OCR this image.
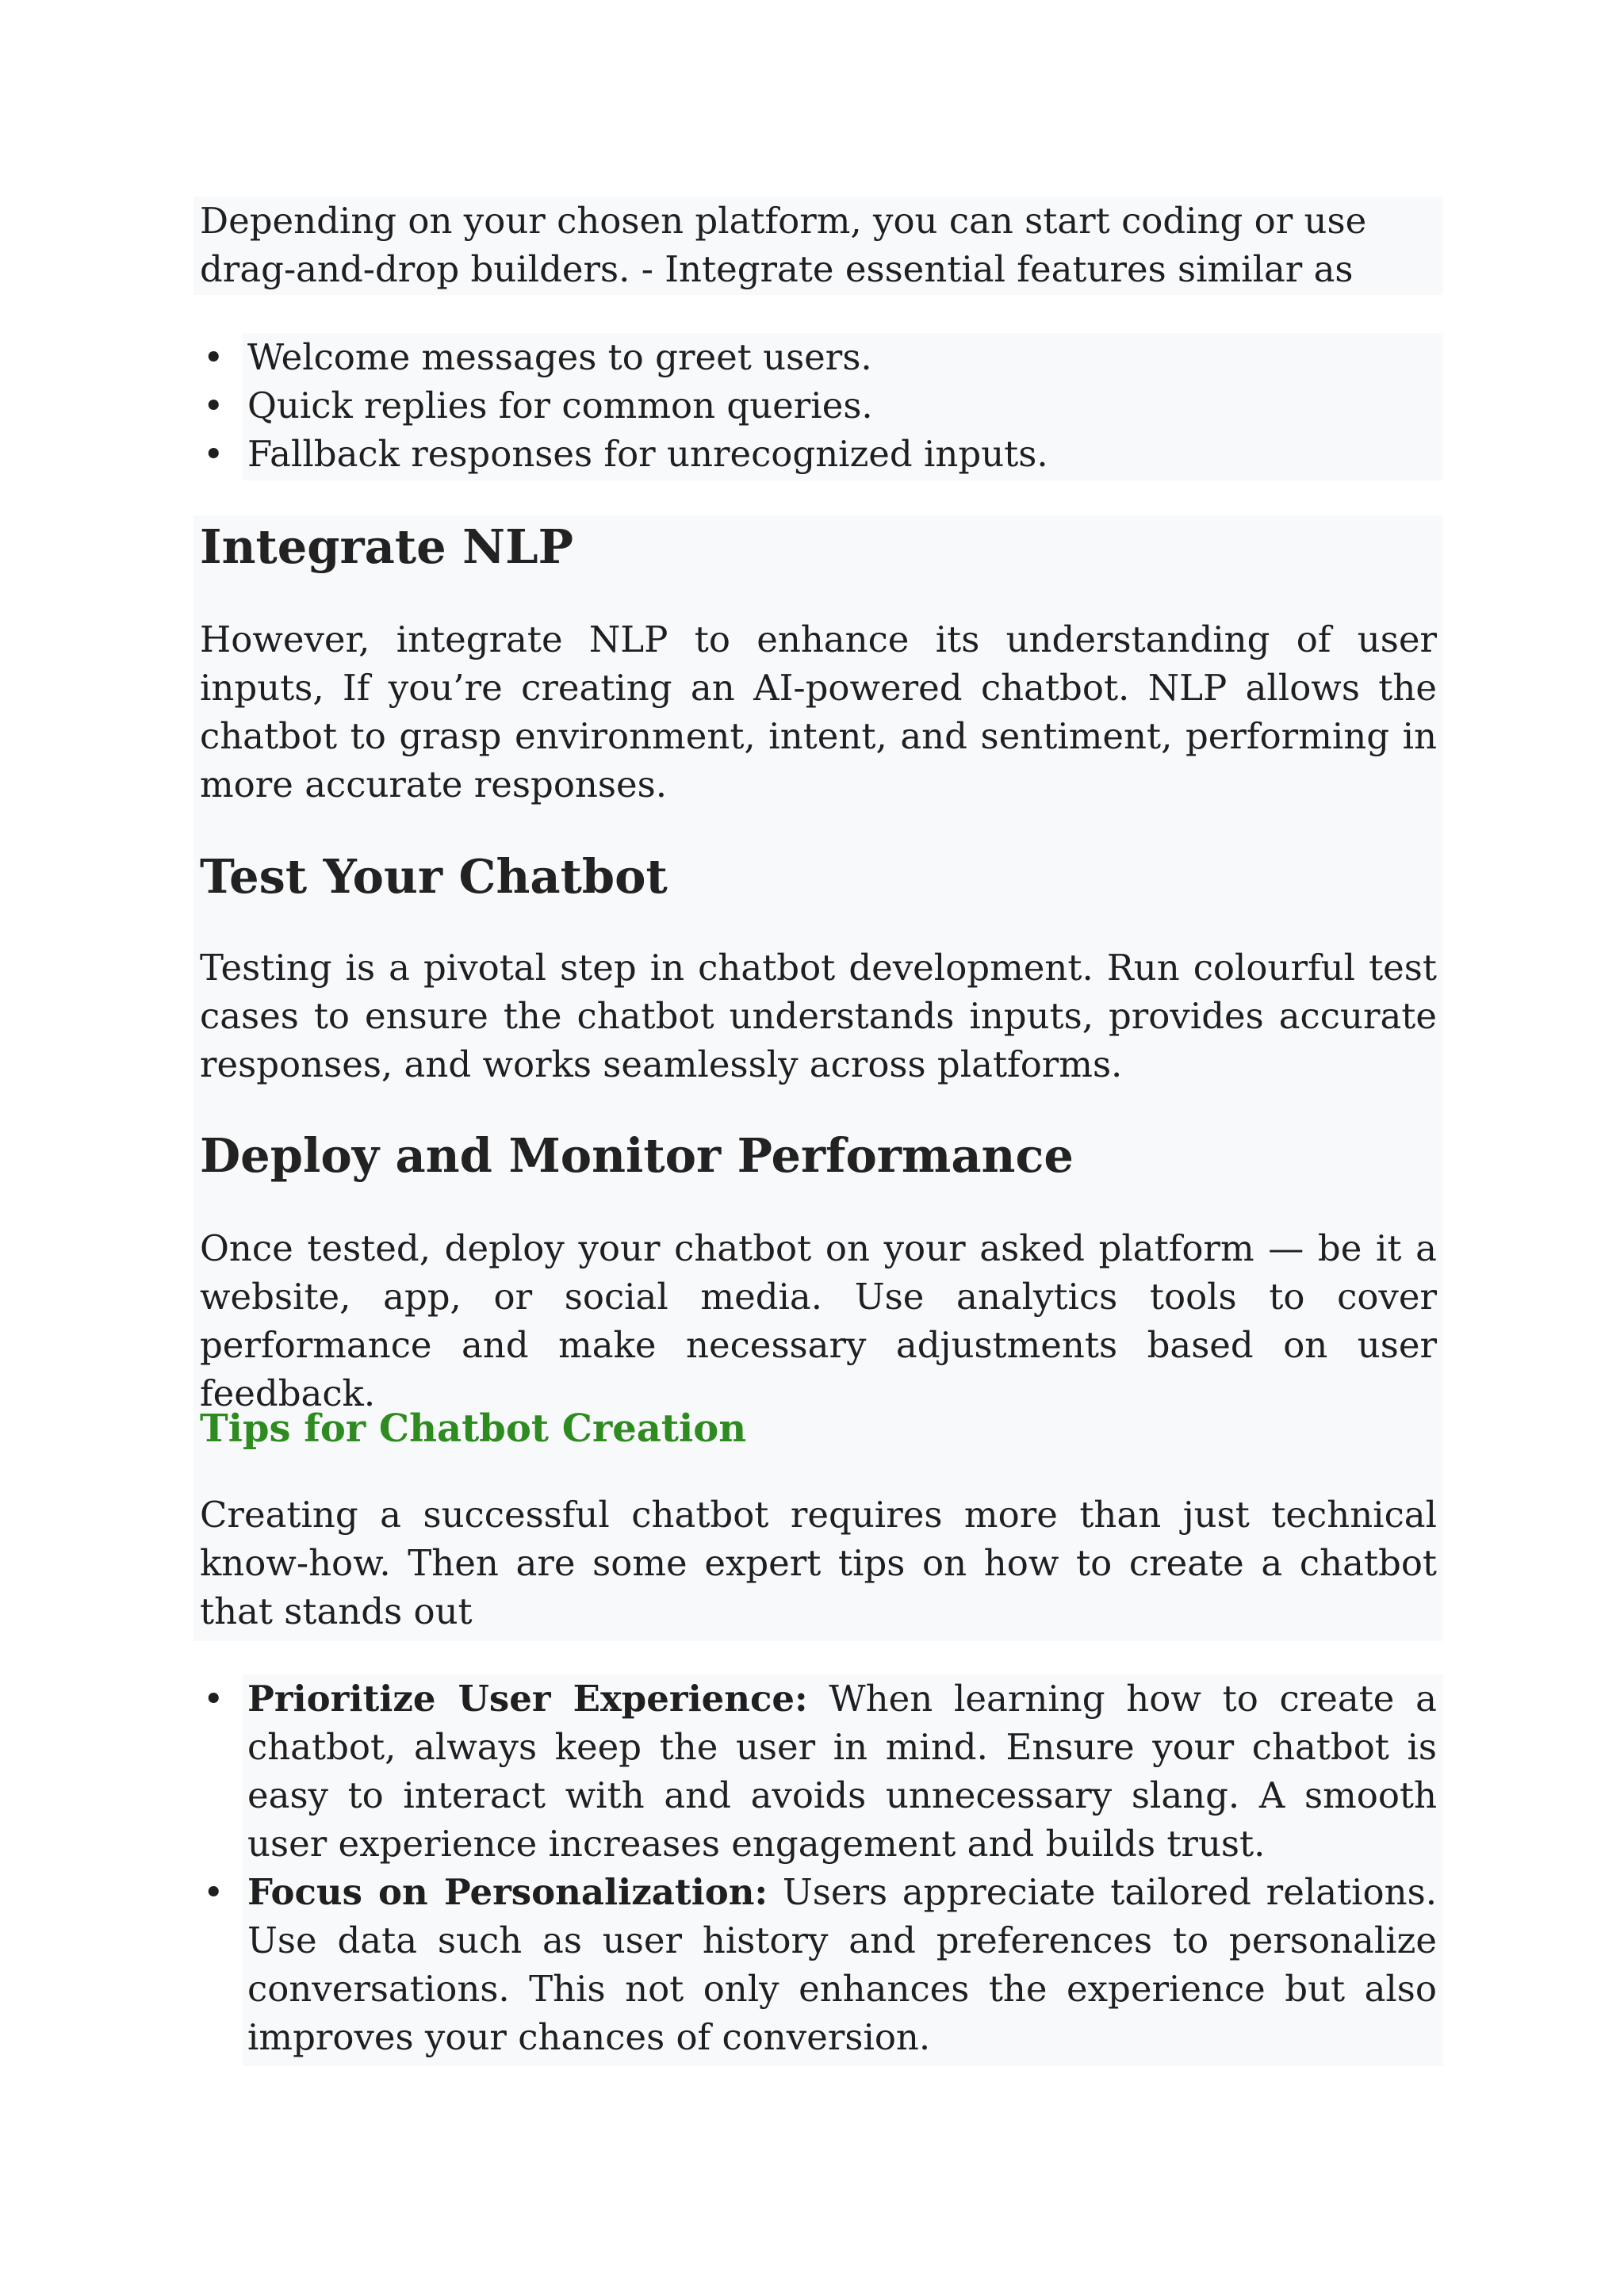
Depending on your chosen platform, you can start coding or use drag-and-drop builders. - Integrate essential features similar as

• Welcome messages to greet users.
• Quick replies for common queries.
• Fallback responses for unrecognized inputs.
Integrate NLP

However, integrate NLP to enhance its understanding of user inputs, If you’re creating an AI-powered chatbot. NLP allows the chatbot to grasp environment, intent, and sentiment, performing in more accurate responses.

Test Your Chatbot

Testing is a pivotal step in chatbot development. Run colourful test cases to ensure the chatbot understands inputs, provides accurate responses, and works seamlessly across platforms.

Deploy and Monitor Performance

Once tested, deploy your chatbot on your asked platform — be it a website, app, or social media. Use analytics tools to cover performance and make necessary adjustments based on user feedback.

Tips for Chatbot Creation

Creating a successful chatbot requires more than just technical know-how. Then are some expert tips on how to create a chatbot that stands out

• Prioritize User Experience: When learning how to create a chatbot, always keep the user in mind. Ensure your chatbot is easy to interact with and avoids unnecessary slang. A smooth user experience increases engagement and builds trust.
• Focus on Personalization: Users appreciate tailored relations. Use data such as user history and preferences to personalize conversations. This not only enhances the experience but also improves your chances of conversion.
